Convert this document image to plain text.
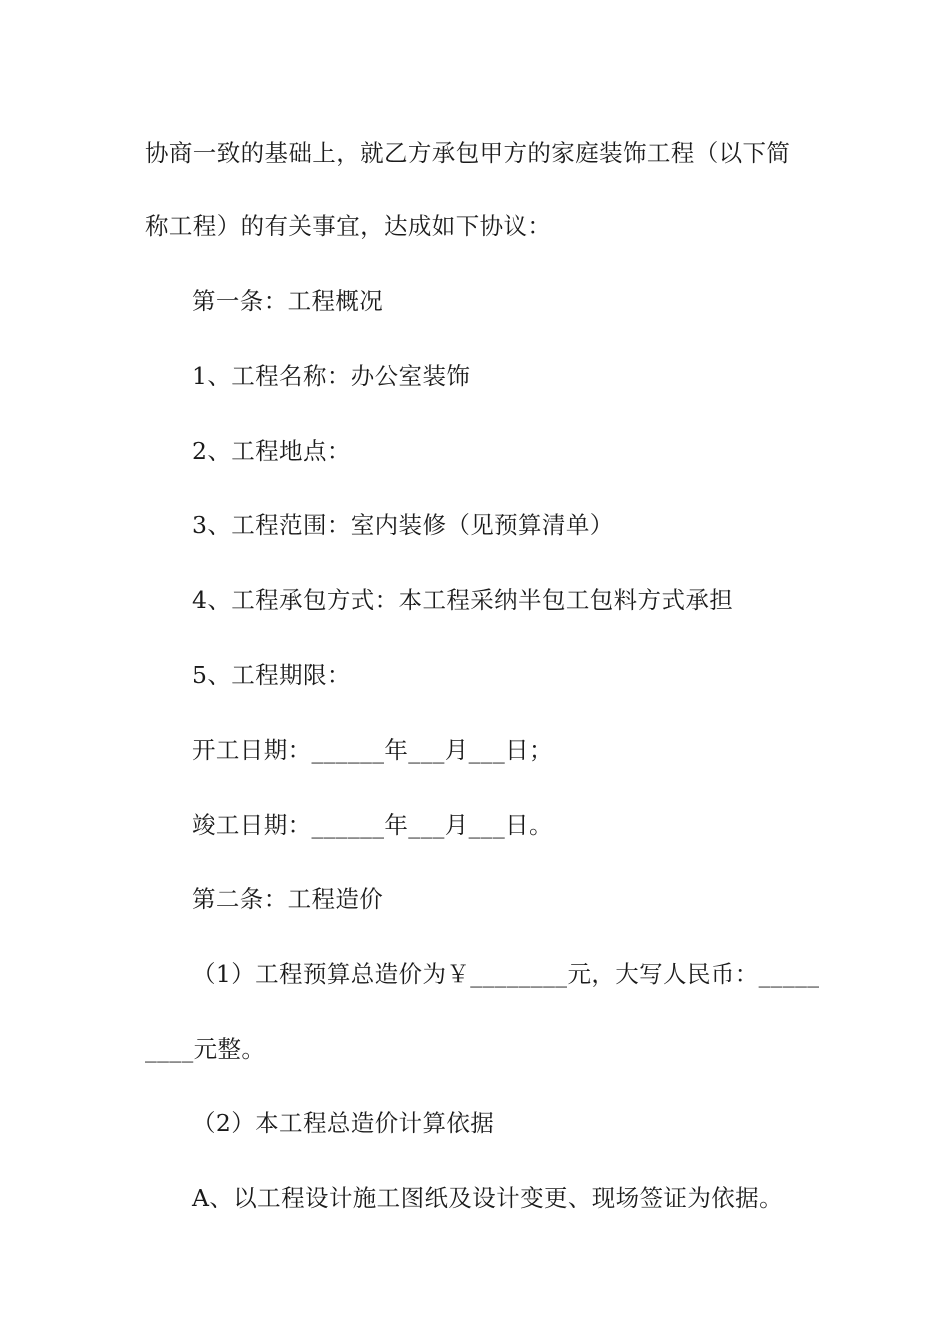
协商一致的基础上，就乙方承包甲方的家庭装饰工程（以下简
称工程）的有关事宜，达成如下协议：
第一条：工程概况
1、工程名称：办公室装饰
2、工程地点：
3、工程范围：室内装修（见预算清单）
4、工程承包方式：本工程采纳半包工包料方式承担
5、工程期限：
开工日期：______年___月___日；
竣工日期：______年___月___日。
第二条：工程造价
（1）工程预算总造价为￥________元，大写人民币：_____
____元整。
（2）本工程总造价计算依据
A、以工程设计施工图纸及设计变更、现场签证为依据。
